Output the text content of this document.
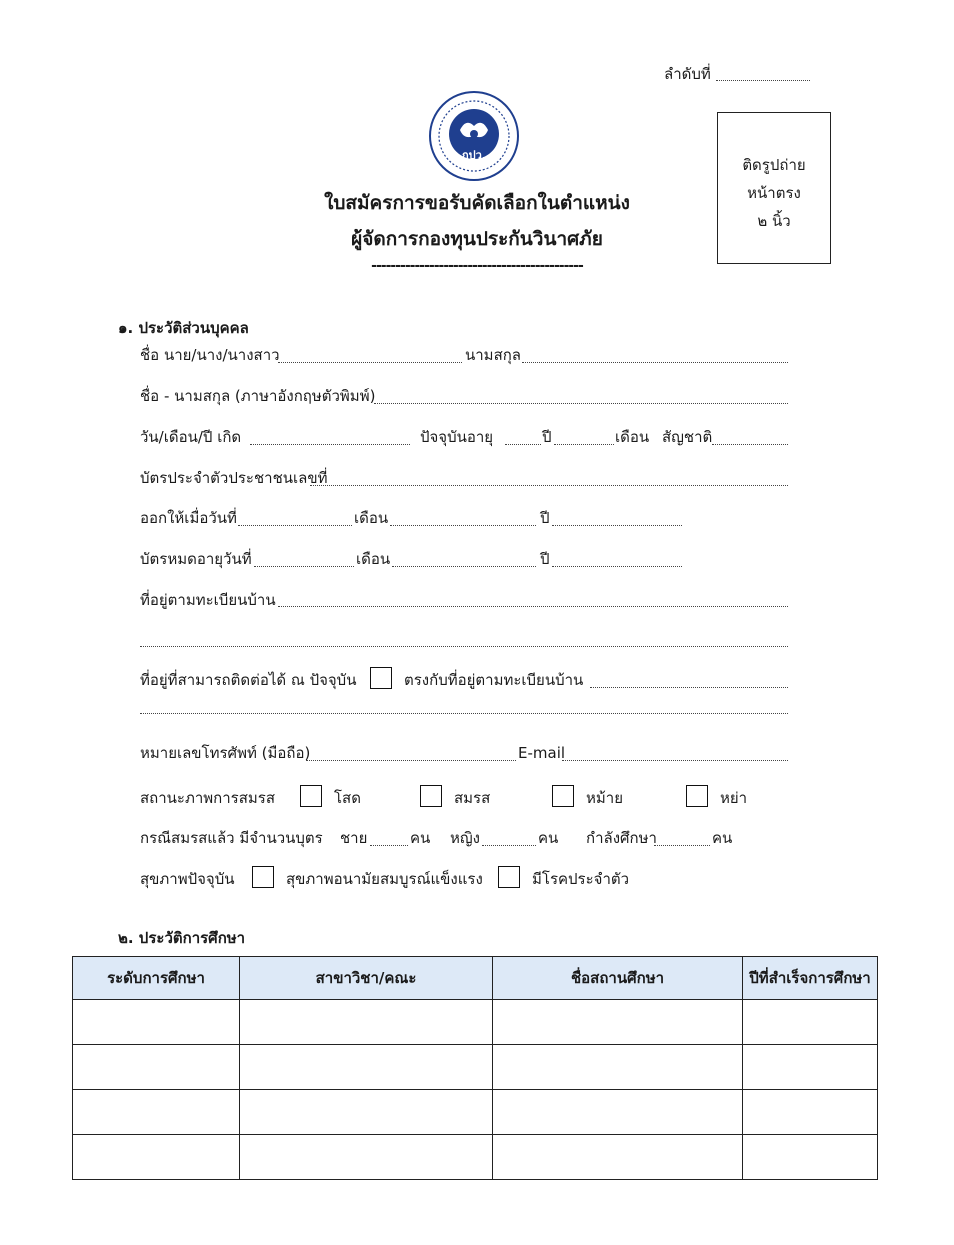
ลำดับที่
ติดรูปถ่าย
หน้าตรง
๒ นิ้ว
กปว.
ใบสมัครการขอรับคัดเลือกในตำแหน่ง
ผู้จัดการกองทุนประกันวินาศภัย
--------------------------------------------
๑. ประวัติส่วนบุคคล
ชื่อ นาย/นาง/นางสาว	นามสกุล
ชื่อ - นามสกุล (ภาษาอังกฤษตัวพิมพ์)
วัน/เดือน/ปี เกิด	ปัจจุบันอายุ	ปี	เดือน สัญชาติ
บัตรประจำตัวประชาชนเลขที่
ออกให้เมื่อวันที่	เดือน	ปี
บัตรหมดอายุวันที่	เดือน	ปี
ที่อยู่ตามทะเบียนบ้าน
ที่อยู่ที่สามารถติดต่อได้ ณ ปัจจุบัน	ตรงกับที่อยู่ตามทะเบียนบ้าน
หมายเลขโทรศัพท์ (มือถือ)	E-mail
สถานะภาพการสมรส	โสด	สมรส	หม้าย	หย่า
กรณีสมรสแล้ว มีจำนวนบุตร ชาย	คน หญิง	คน กำลังศึกษา	คน
สุขภาพปัจจุบัน	สุขภาพอนามัยสมบูรณ์แข็งแรง	มีโรคประจำตัว
๒. ประวัติการศึกษา
ระดับการศึกษา	สาขาวิชา/คณะ	ชื่อสถานศึกษา	ปีที่สำเร็จการศึกษา
